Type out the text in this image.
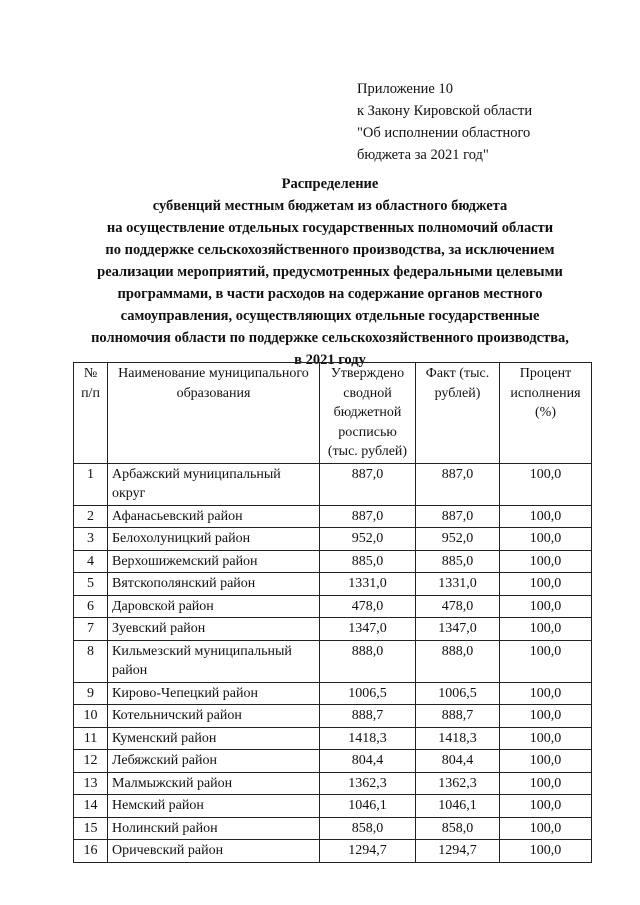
Приложение 10
к Закону Кировской области
"Об исполнении областного
бюджета за 2021 год"
Распределение
субвенций местным бюджетам из областного бюджета
на осуществление отдельных государственных полномочий области
по поддержке сельскохозяйственного производства, за исключением
реализации мероприятий, предусмотренных федеральными целевыми
программами, в части расходов на содержание органов местного
самоуправления, осуществляющих отдельные государственные
полномочия области по поддержке сельскохозяйственного производства,
в 2021 году
№ п/п	Наименование муниципального образования	Утверждено сводной бюджетной росписью (тыс. рублей)	Факт (тыс. рублей)	Процент исполнения (%)
1	Арбажский муниципальный округ	887,0	887,0	100,0
2	Афанасьевский район	887,0	887,0	100,0
3	Белохолуницкий район	952,0	952,0	100,0
4	Верхошижемский район	885,0	885,0	100,0
5	Вятскополянский район	1331,0	1331,0	100,0
6	Даровской район	478,0	478,0	100,0
7	Зуевский район	1347,0	1347,0	100,0
8	Кильмезский муниципальный район	888,0	888,0	100,0
9	Кирово-Чепецкий район	1006,5	1006,5	100,0
10	Котельничский район	888,7	888,7	100,0
11	Куменский район	1418,3	1418,3	100,0
12	Лебяжский район	804,4	804,4	100,0
13	Малмыжский район	1362,3	1362,3	100,0
14	Немский район	1046,1	1046,1	100,0
15	Нолинский район	858,0	858,0	100,0
16	Оричевский район	1294,7	1294,7	100,0
